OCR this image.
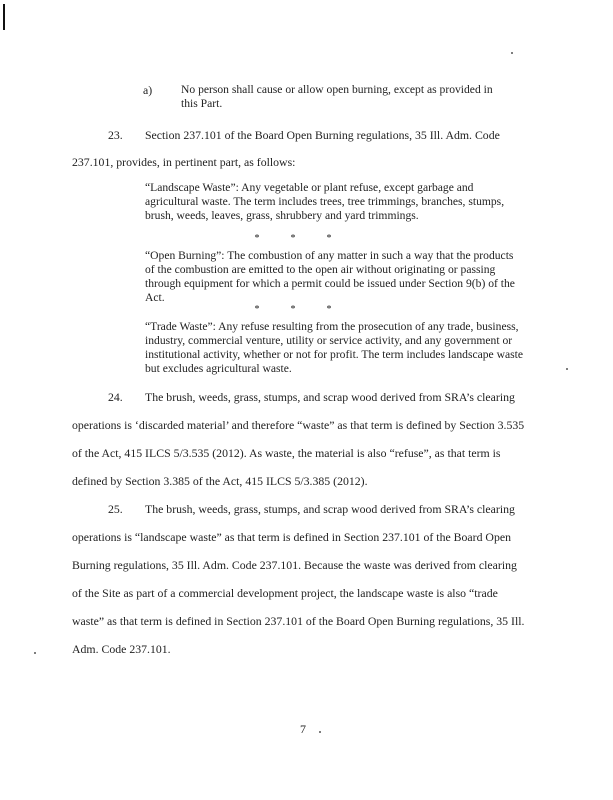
a) No person shall cause or allow open burning, except as provided in
this Part.
23. Section 237.101 of the Board Open Burning regulations, 35 Ill. Adm. Code
237.101, provides, in pertinent part, as follows:
“Landscape Waste”: Any vegetable or plant refuse, except garbage and
agricultural waste. The term includes trees, tree trimmings, branches, stumps,
brush, weeds, leaves, grass, shrubbery and yard trimmings.
*	*	*
“Open Burning”: The combustion of any matter in such a way that the products
of the combustion are emitted to the open air without originating or passing
through equipment for which a permit could be issued under Section 9(b) of the
Act.
*	*	*
“Trade Waste”: Any refuse resulting from the prosecution of any trade, business,
industry, commercial venture, utility or service activity, and any government or
institutional activity, whether or not for profit. The term includes landscape waste
but excludes agricultural waste.
24. The brush, weeds, grass, stumps, and scrap wood derived from SRA’s clearing
operations is ‘discarded material’ and therefore “waste” as that term is defined by Section 3.535
of the Act, 415 ILCS 5/3.535 (2012). As waste, the material is also “refuse”, as that term is
defined by Section 3.385 of the Act, 415 ILCS 5/3.385 (2012).
25. The brush, weeds, grass, stumps, and scrap wood derived from SRA’s clearing
operations is “landscape waste” as that term is defined in Section 237.101 of the Board Open
Burning regulations, 35 Ill. Adm. Code 237.101. Because the waste was derived from clearing
of the Site as part of a commercial development project, the landscape waste is also “trade
waste” as that term is defined in Section 237.101 of the Board Open Burning regulations, 35 Ill.
Adm. Code 237.101.
7
